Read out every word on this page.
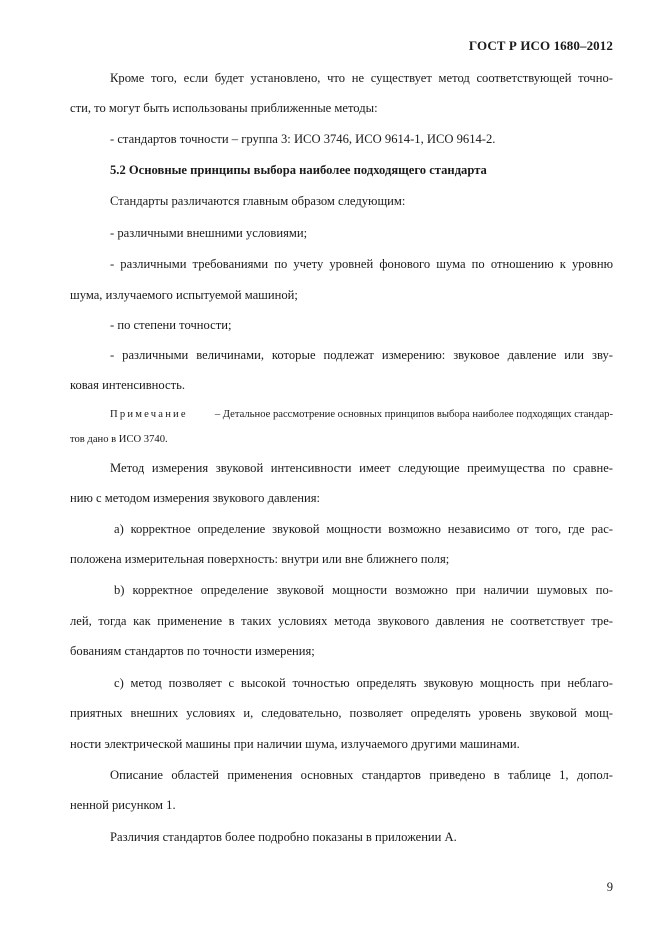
ГОСТ Р ИСО 1680–2012
Кроме того, если будет установлено, что не существует метод соответствующей точно-
сти, то могут быть использованы приближенные методы:
- стандартов точности – группа 3: ИСО 3746, ИСО 9614-1, ИСО 9614-2.
5.2 Основные принципы выбора наиболее подходящего стандарта
Стандарты различаются главным образом следующим:
- различными внешними условиями;
- различными требованиями по учету уровней фонового шума по отношению к уровню
шума, излучаемого испытуемой машиной;
- по степени точности;
- различными величинами, которые подлежат измерению: звуковое давление или зву-
ковая интенсивность.
Примечание	– Детальное рассмотрение основных принципов выбора наиболее подходящих стандар-
тов дано в ИСО 3740.
Метод измерения звуковой интенсивности имеет следующие преимущества по сравне-
нию с методом измерения звукового давления:
а) корректное определение звуковой мощности возможно независимо от того, где рас-
положена измерительная поверхность: внутри или вне ближнего поля;
b) корректное определение звуковой мощности возможно при наличии шумовых по-
лей, тогда как применение в таких условиях метода звукового давления не соответствует тре-
бованиям стандартов по точности измерения;
с) метод позволяет с высокой точностью определять звуковую мощность при неблаго-
приятных внешних условиях и, следовательно, позволяет определять уровень звуковой мощ-
ности электрической машины при наличии шума, излучаемого другими машинами.
Описание областей применения основных стандартов приведено в таблице 1, допол-
ненной рисунком 1.
Различия стандартов более подробно показаны в приложении А.
9
